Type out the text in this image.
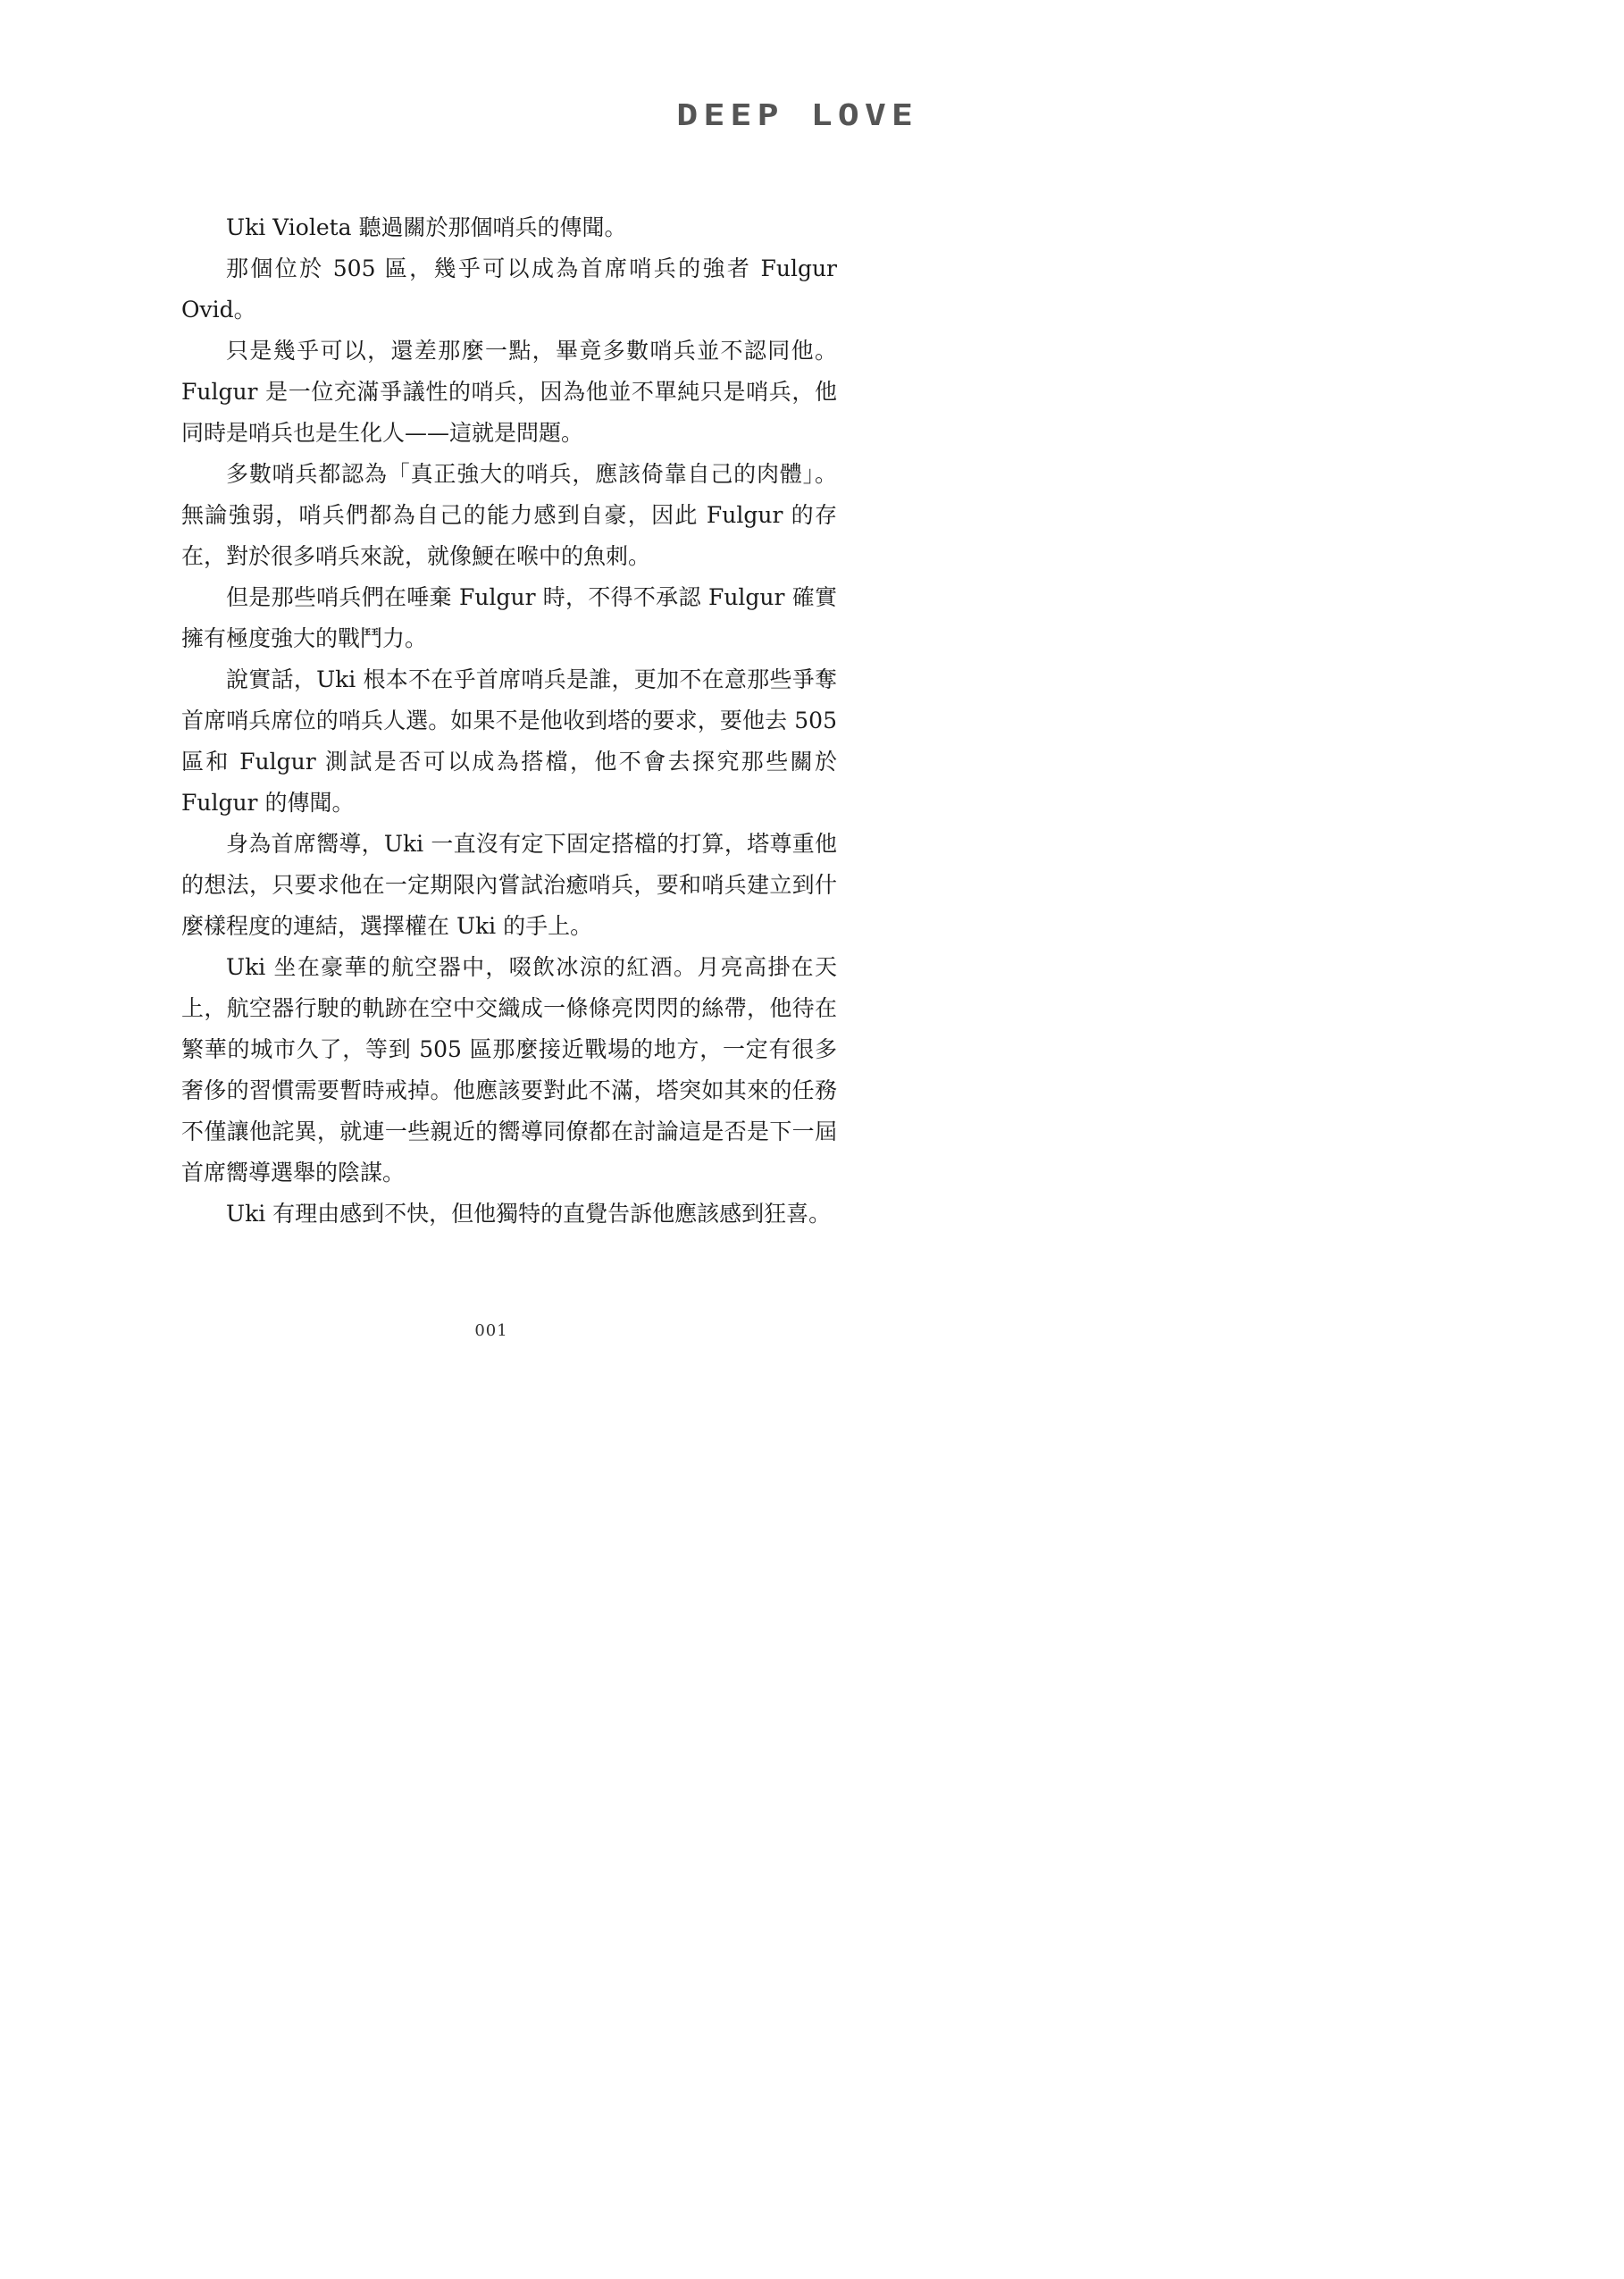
DEEP LOVE

Uki Violeta 聽過關於那個哨兵的傳聞。

那個位於 505 區，幾乎可以成為首席哨兵的強者 Fulgur Ovid。

只是幾乎可以，還差那麼一點，畢竟多數哨兵並不認同他。Fulgur 是一位充滿爭議性的哨兵，因為他並不單純只是哨兵，他同時是哨兵也是生化人——這就是問題。

多數哨兵都認為「真正強大的哨兵，應該倚靠自己的肉體」。無論強弱，哨兵們都為自己的能力感到自豪，因此 Fulgur 的存在，對於很多哨兵來說，就像鯁在喉中的魚刺。

但是那些哨兵們在唾棄 Fulgur 時，不得不承認 Fulgur 確實擁有極度強大的戰鬥力。

說實話，Uki 根本不在乎首席哨兵是誰，更加不在意那些爭奪首席哨兵席位的哨兵人選。如果不是他收到塔的要求，要他去 505 區和 Fulgur 測試是否可以成為搭檔，他不會去探究那些關於 Fulgur 的傳聞。

身為首席嚮導，Uki 一直沒有定下固定搭檔的打算，塔尊重他的想法，只要求他在一定期限內嘗試治癒哨兵，要和哨兵建立到什麼樣程度的連結，選擇權在 Uki 的手上。

Uki 坐在豪華的航空器中，啜飲冰涼的紅酒。月亮高掛在天上，航空器行駛的軌跡在空中交織成一條條亮閃閃的絲帶，他待在繁華的城市久了，等到 505 區那麼接近戰場的地方，一定有很多奢侈的習慣需要暫時戒掉。他應該要對此不滿，塔突如其來的任務不僅讓他詫異，就連一些親近的嚮導同僚都在討論這是否是下一屆首席嚮導選舉的陰謀。

Uki 有理由感到不快，但他獨特的直覺告訴他應該感到狂喜。

001
